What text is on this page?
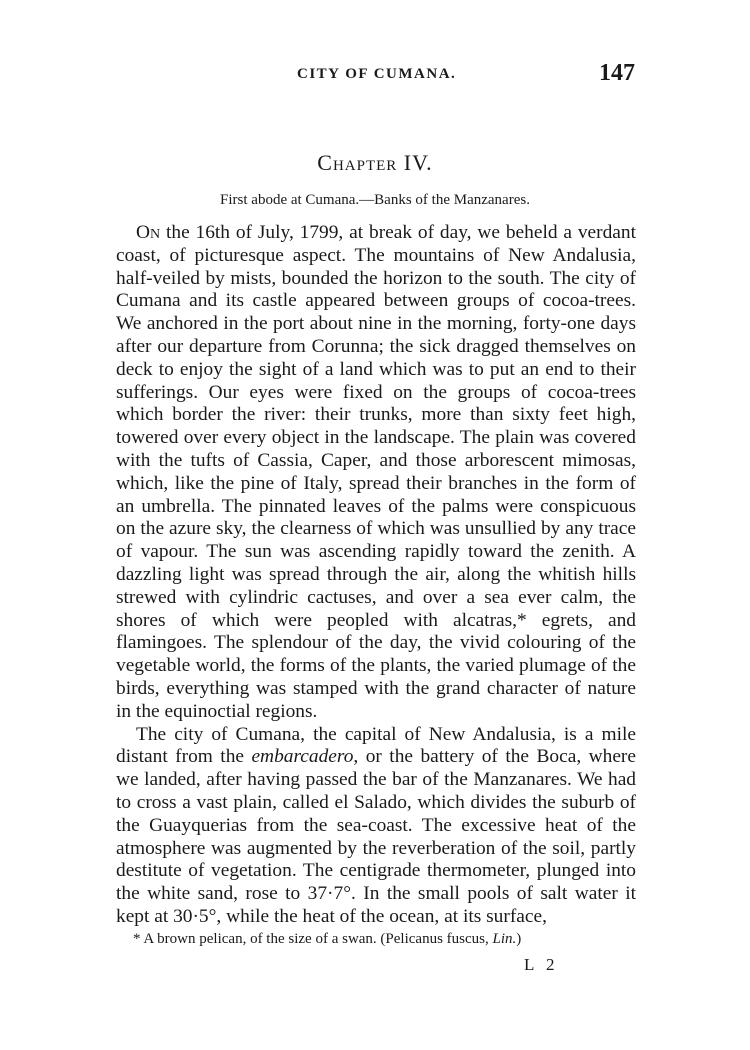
CITY OF CUMANA.	147
Chapter IV.
First abode at Cumana.—Banks of the Manzanares.

On the 16th of July, 1799, at break of day, we beheld a verdant coast, of picturesque aspect. The mountains of New Andalusia, half-veiled by mists, bounded the horizon to the south. The city of Cumana and its castle appeared between groups of cocoa-trees. We anchored in the port about nine in the morning, forty-one days after our departure from Corunna; the sick dragged themselves on deck to enjoy the sight of a land which was to put an end to their sufferings. Our eyes were fixed on the groups of cocoa-trees which border the river: their trunks, more than sixty feet high, towered over every object in the landscape. The plain was covered with the tufts of Cassia, Caper, and those arborescent mimosas, which, like the pine of Italy, spread their branches in the form of an umbrella. The pinnated leaves of the palms were conspicuous on the azure sky, the clearness of which was unsullied by any trace of vapour. The sun was ascending rapidly toward the zenith. A dazzling light was spread through the air, along the whitish hills strewed with cylindric cactuses, and over a sea ever calm, the shores of which were peopled with alcatras,* egrets, and flamingoes. The splendour of the day, the vivid colouring of the vegetable world, the forms of the plants, the varied plumage of the birds, everything was stamped with the grand character of nature in the equinoctial regions.

The city of Cumana, the capital of New Andalusia, is a mile distant from the embarcadero, or the battery of the Boca, where we landed, after having passed the bar of the Manzanares. We had to cross a vast plain, called el Salado, which divides the suburb of the Guayquerias from the sea-coast. The excessive heat of the atmosphere was augmented by the reverberation of the soil, partly destitute of vegetation. The centigrade thermometer, plunged into the white sand, rose to 37·7°. In the small pools of salt water it kept at 30·5°, while the heat of the ocean, at its surface,

* A brown pelican, of the size of a swan. (Pelicanus fuscus, Lin.)
L 2
